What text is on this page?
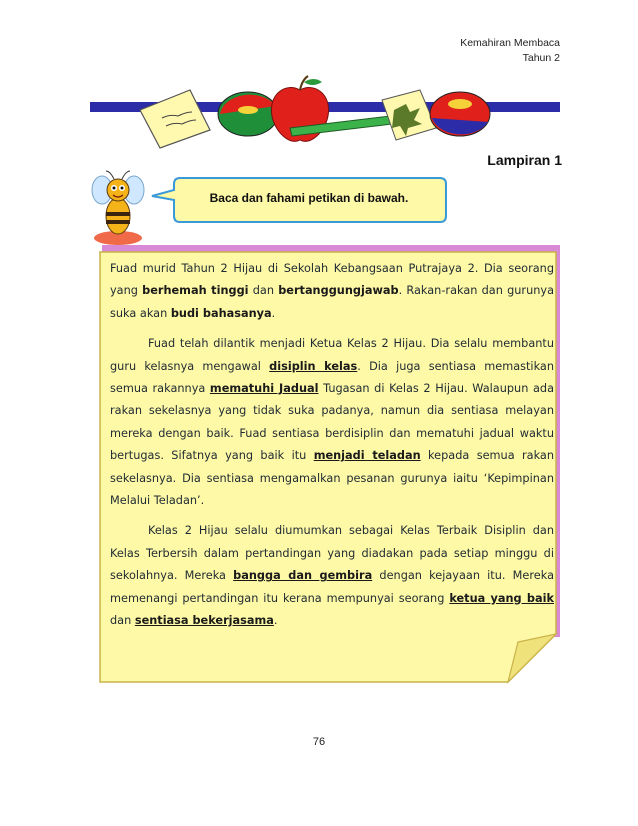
Kemahiran Membaca
Tahun 2
Lampiran 1
Baca dan fahami petikan di bawah.

Fuad murid Tahun 2 Hijau di Sekolah Kebangsaan Putrajaya 2. Dia seorang yang berhemah tinggi dan bertanggungjawab. Rakan-rakan dan gurunya suka akan budi bahasanya.

Fuad telah dilantik menjadi Ketua Kelas 2 Hijau. Dia selalu membantu guru kelasnya mengawal disiplin kelas. Dia juga sentiasa memastikan semua rakannya mematuhi Jadual Tugasan di Kelas 2 Hijau. Walaupun ada rakan sekelasnya yang tidak suka padanya, namun dia sentiasa melayan mereka dengan baik. Fuad sentiasa berdisiplin dan mematuhi jadual waktu bertugas. Sifatnya yang baik itu menjadi teladan kepada semua rakan sekelasnya. Dia sentiasa mengamalkan pesanan gurunya iaitu ‘Kepimpinan Melalui Teladan’.

Kelas 2 Hijau selalu diumumkan sebagai Kelas Terbaik Disiplin dan Kelas Terbersih dalam pertandingan yang diadakan pada setiap minggu di sekolahnya. Mereka bangga dan gembira dengan kejayaan itu. Mereka memenangi pertandingan itu kerana mempunyai seorang ketua yang baik dan sentiasa bekerjasama.

76
